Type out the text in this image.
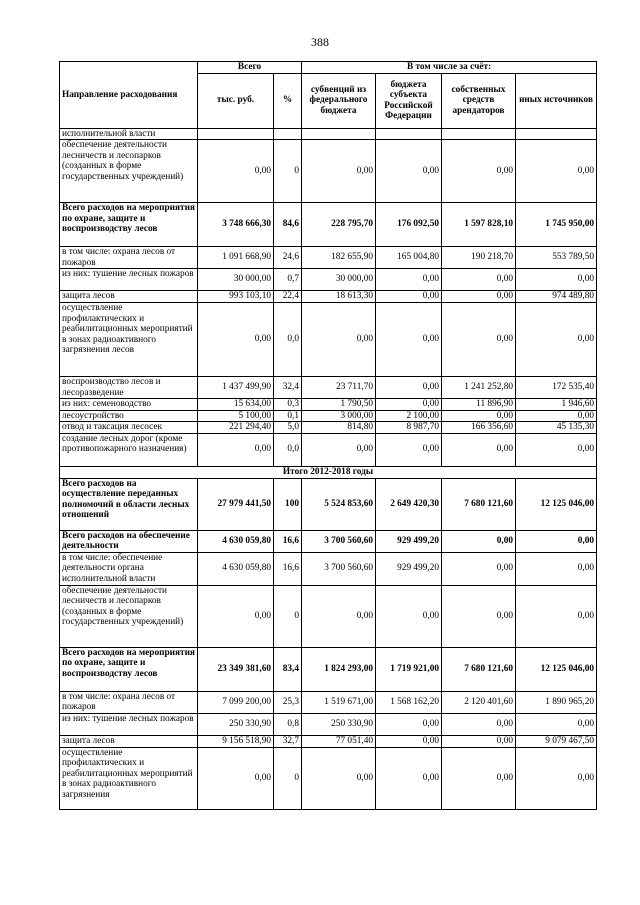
388
Направление расходования	Всего		В том числе за счёт:			
	тыс. руб.	%	субвенций из федерального бюджета	бюджета субъекта Российской Федерации	собственных средств арендаторов	иных источников
исполнительной власти						
обеспечение деятельности лесничеств и лесопарков (созданных в форме государственных учреждений)	0,00	0	0,00	0,00	0,00	0,00
Всего расходов на мероприятия по охране, защите и воспроизводству лесов	3 748 666,30	84,6	228 795,70	176 092,50	1 597 828,10	1 745 950,00
в том числе: охрана лесов от пожаров	1 091 668,90	24,6	182 655,90	165 004,80	190 218,70	553 789,50
из них: тушение лесных пожаров	30 000,00	0,7	30 000,00	0,00	0,00	0,00
защита лесов	993 103,10	22,4	18 613,30	0,00	0,00	974 489,80
осуществление профилактических и реабилитационных мероприятий в зонах радиоактивного загрязнения лесов	0,00	0,0	0,00	0,00	0,00	0,00
воспроизводство лесов и лесоразведение	1 437 499,90	32,4	23 711,70	0,00	1 241 252,80	172 535,40
из них: семеноводство	15 634,00	0,3	1 790,50	0,00	11 896,90	1 946,60
лесоустройство	5 100,00	0,1	3 000,00	2 100,00	0,00	0,00
отвод и таксация лесосек	221 294,40	5,0	814,80	8 987,70	166 356,60	45 135,30
создание лесных дорог (кроме противопожарного назначения)	0,00	0,0	0,00	0,00	0,00	0,00
Итого 2012-2018 годы						
Всего расходов на осуществление переданных полномочий в области лесных отношений	27 979 441,50	100	5 524 853,60	2 649 420,30	7 680 121,60	12 125 046,00
Всего расходов на обеспечение деятельности	4 630 059,80	16,6	3 700 560,60	929 499,20	0,00	0,00
в том числе: обеспечение деятельности органа исполнительной власти	4 630 059,80	16,6	3 700 560,60	929 499,20	0,00	0,00
обеспечение деятельности лесничеств и лесопарков (созданных в форме государственных учреждений)	0,00	0	0,00	0,00	0,00	0,00
Всего расходов на мероприятия по охране, защите и воспроизводству лесов	23 349 381,60	83,4	1 824 293,00	1 719 921,00	7 680 121,60	12 125 046,00
в том числе: охрана лесов от пожаров	7 099 200,00	25,3	1 519 671,00	1 568 162,20	2 120 401,60	1 890 965,20
из них: тушение лесных пожаров	250 330,90	0,8	250 330,90	0,00	0,00	0,00
защита лесов	9 156 518,90	32,7	77 051,40	0,00	0,00	9 079 467,50
осуществление профилактических и реабилитационных мероприятий в зонах радиоактивного загрязнения	0,00	0	0,00	0,00	0,00	0,00
